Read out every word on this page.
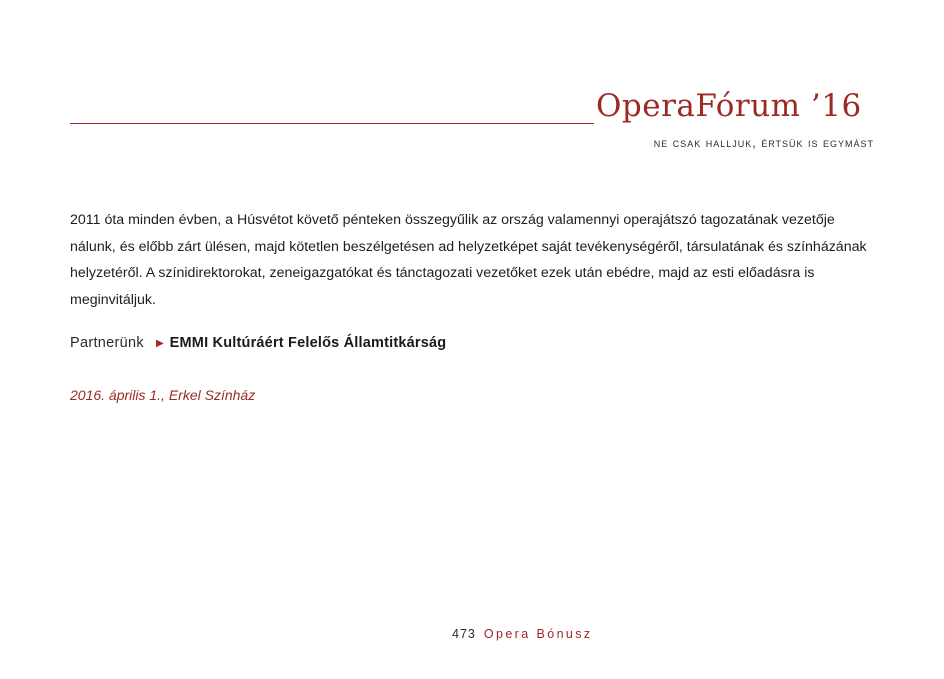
OperaFórum ’16
ne csak halljuk, értsük is egymást

2011 óta minden évben, a Húsvétot követő pénteken összegyűlik az ország valamennyi operajátszó tagozatának vezetője nálunk, és előbb zárt ülésen, majd kötetlen beszélgetésen ad helyzetképet saját tevékenységéről, társulatának és színházának helyzetéről. A színidirektorokat, zeneigazgatókat és tánctagozati vezetőket ezek után ebédre, majd az esti előadásra is meginvitáljuk.

Partnerünk ▶ EMMI Kultúráért Felelős Államtitkárság
2016. április 1., Erkel Színház
473 Opera Bónusz
